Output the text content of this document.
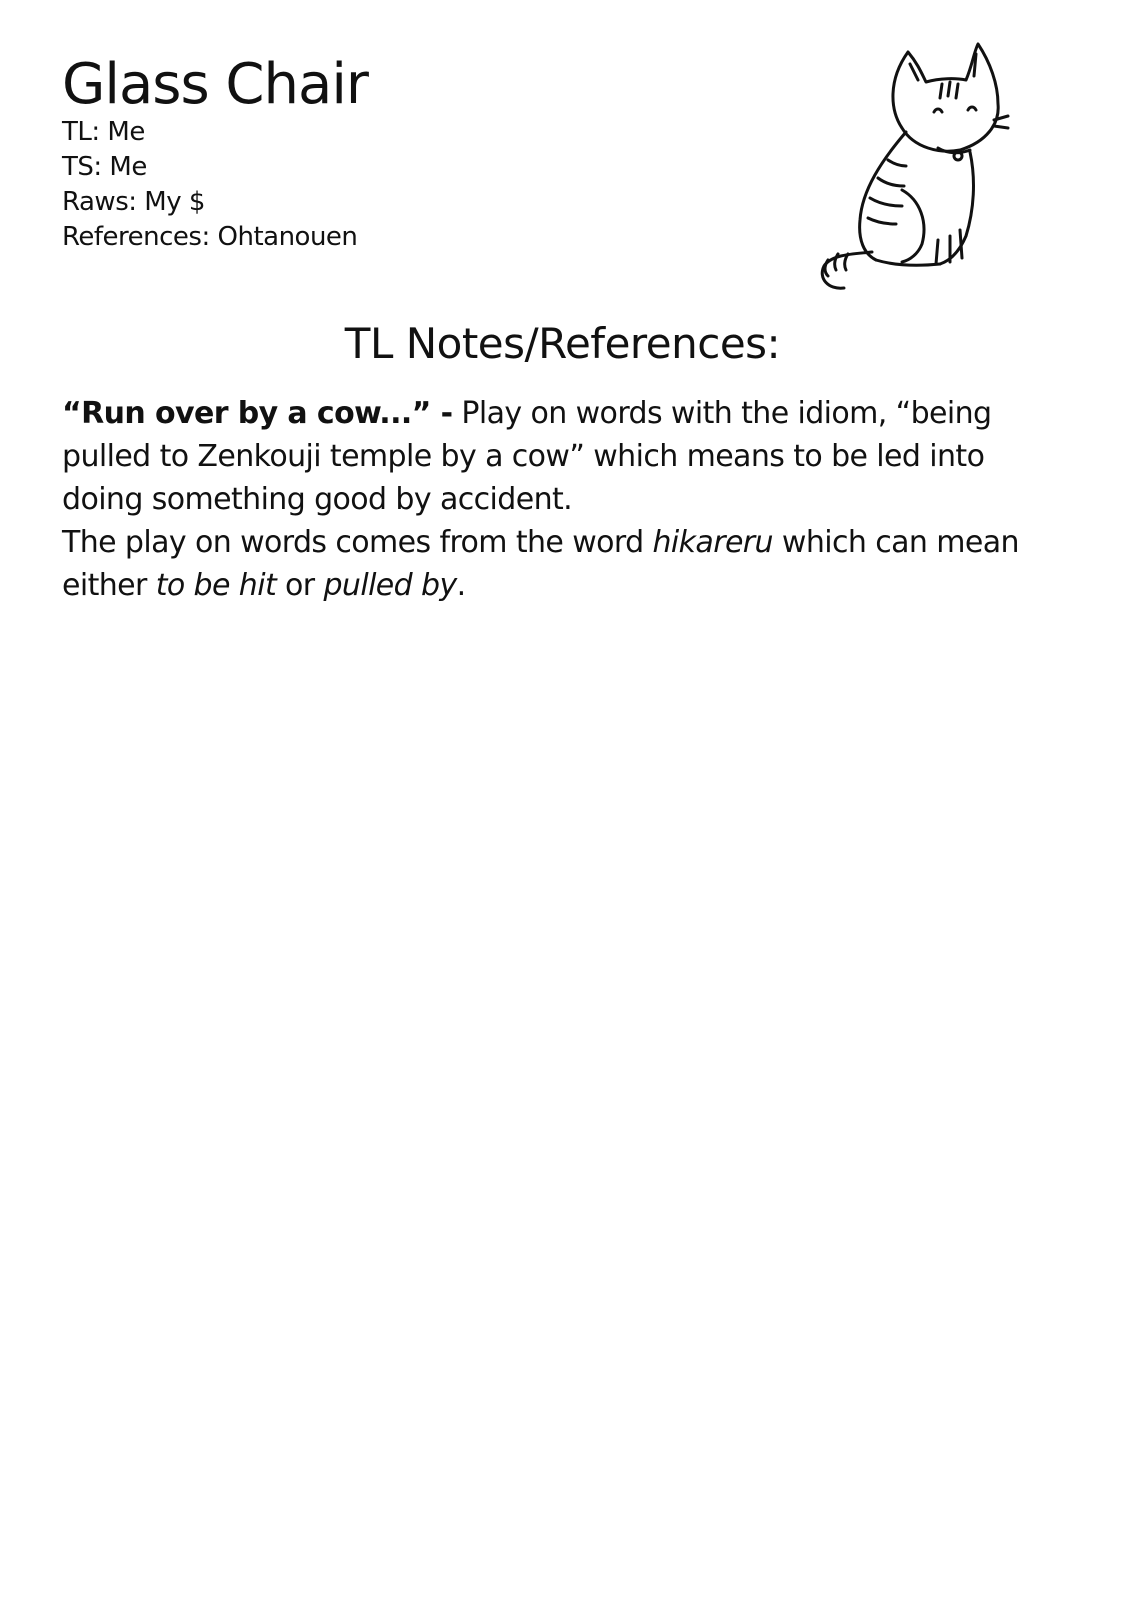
Glass Chair
TL: Me
TS: Me
Raws: My $
References: Ohtanouen
TL Notes/References:

“Run over by a cow...” - Play on words with the idiom, “being pulled to Zenkouji temple by a cow” which means to be led into doing something good by accident.

The play on words comes from the word hikareru which can mean either to be hit or pulled by.
